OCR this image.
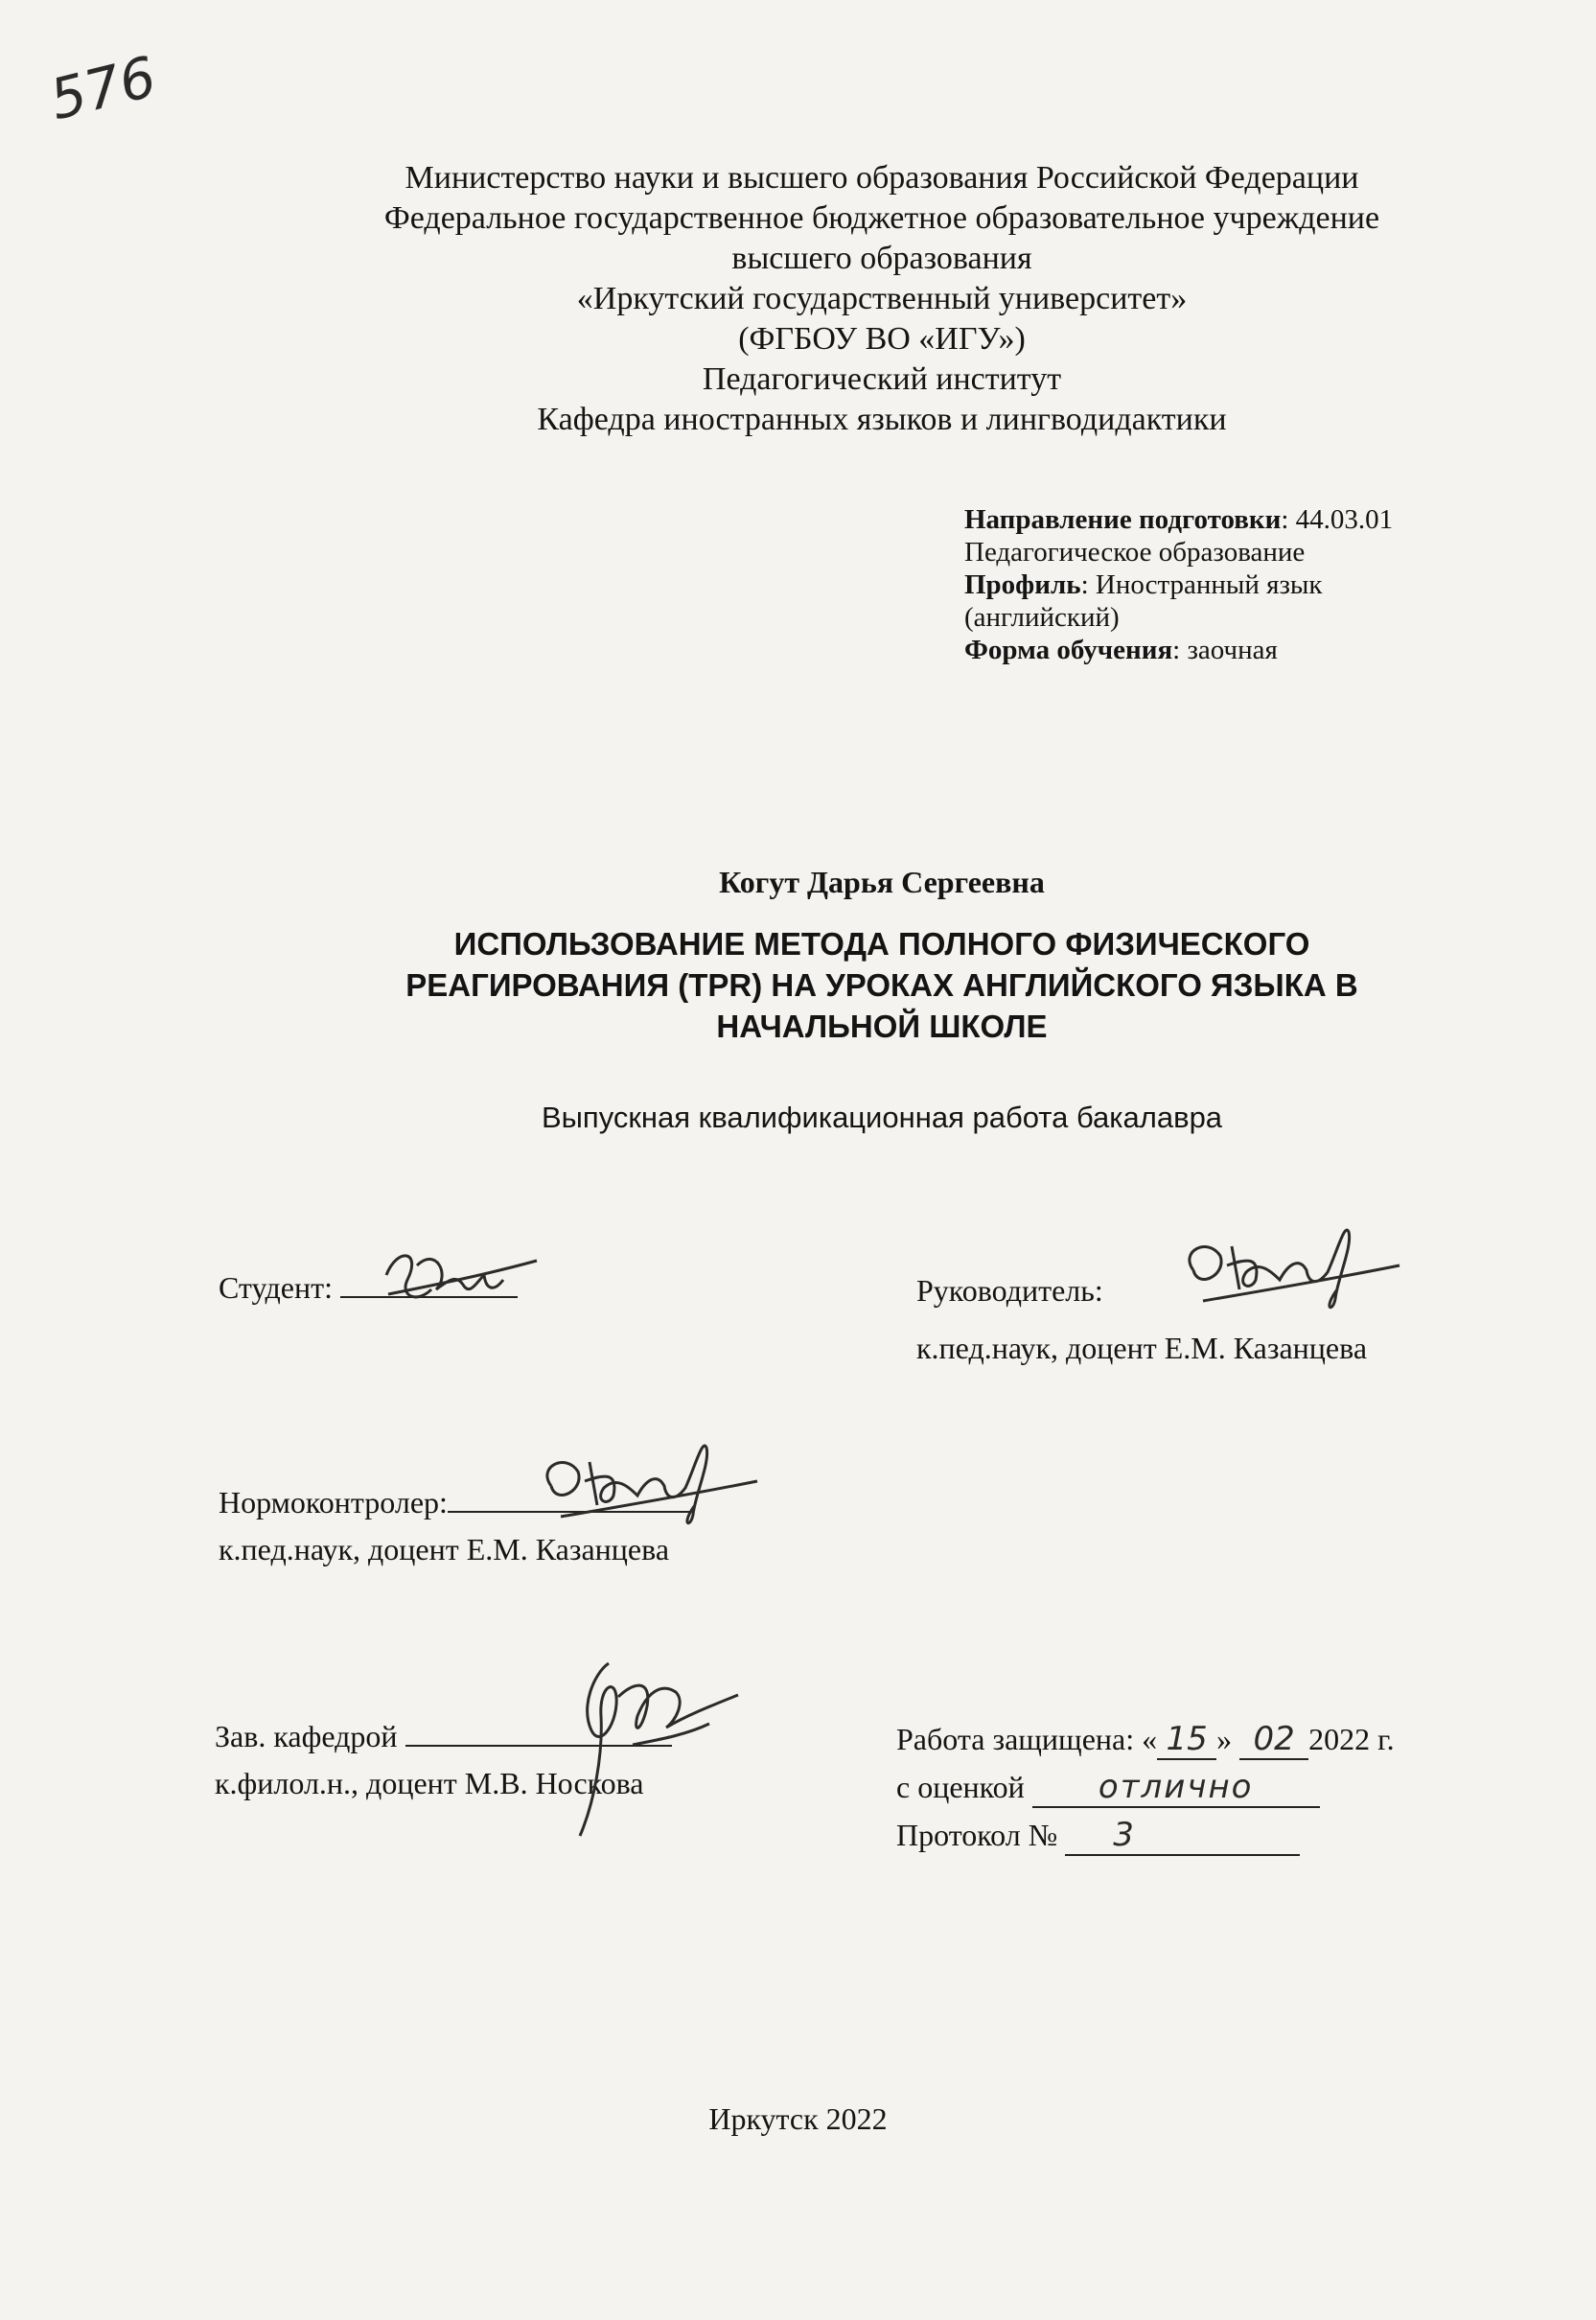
576
Министерство науки и высшего образования Российской Федерации
Федеральное государственное бюджетное образовательное учреждение
высшего образования
«Иркутский государственный университет»
(ФГБОУ ВО «ИГУ»)
Педагогический институт
Кафедра иностранных языков и лингводидактики
Направление подготовки: 44.03.01
Педагогическое образование
Профиль: Иностранный язык
(английский)
Форма обучения: заочная
Когут Дарья Сергеевна
ИСПОЛЬЗОВАНИЕ МЕТОДА ПОЛНОГО ФИЗИЧЕСКОГО
РЕАГИРОВАНИЯ (TPR) НА УРОКАХ АНГЛИЙСКОГО ЯЗЫКА В
НАЧАЛЬНОЙ ШКОЛЕ
Выпускная квалификационная работа бакалавра
Студент:	Руководитель:
к.пед.наук, доцент Е.М. Казанцева
Нормоконтролер:
к.пед.наук, доцент Е.М. Казанцева
Зав. кафедрой
к.филол.н., доцент М.В. Носкова
Работа защищена: « 15 » 02 2022 г.
с оценкой отлично
Протокол № 3
Иркутск 2022
